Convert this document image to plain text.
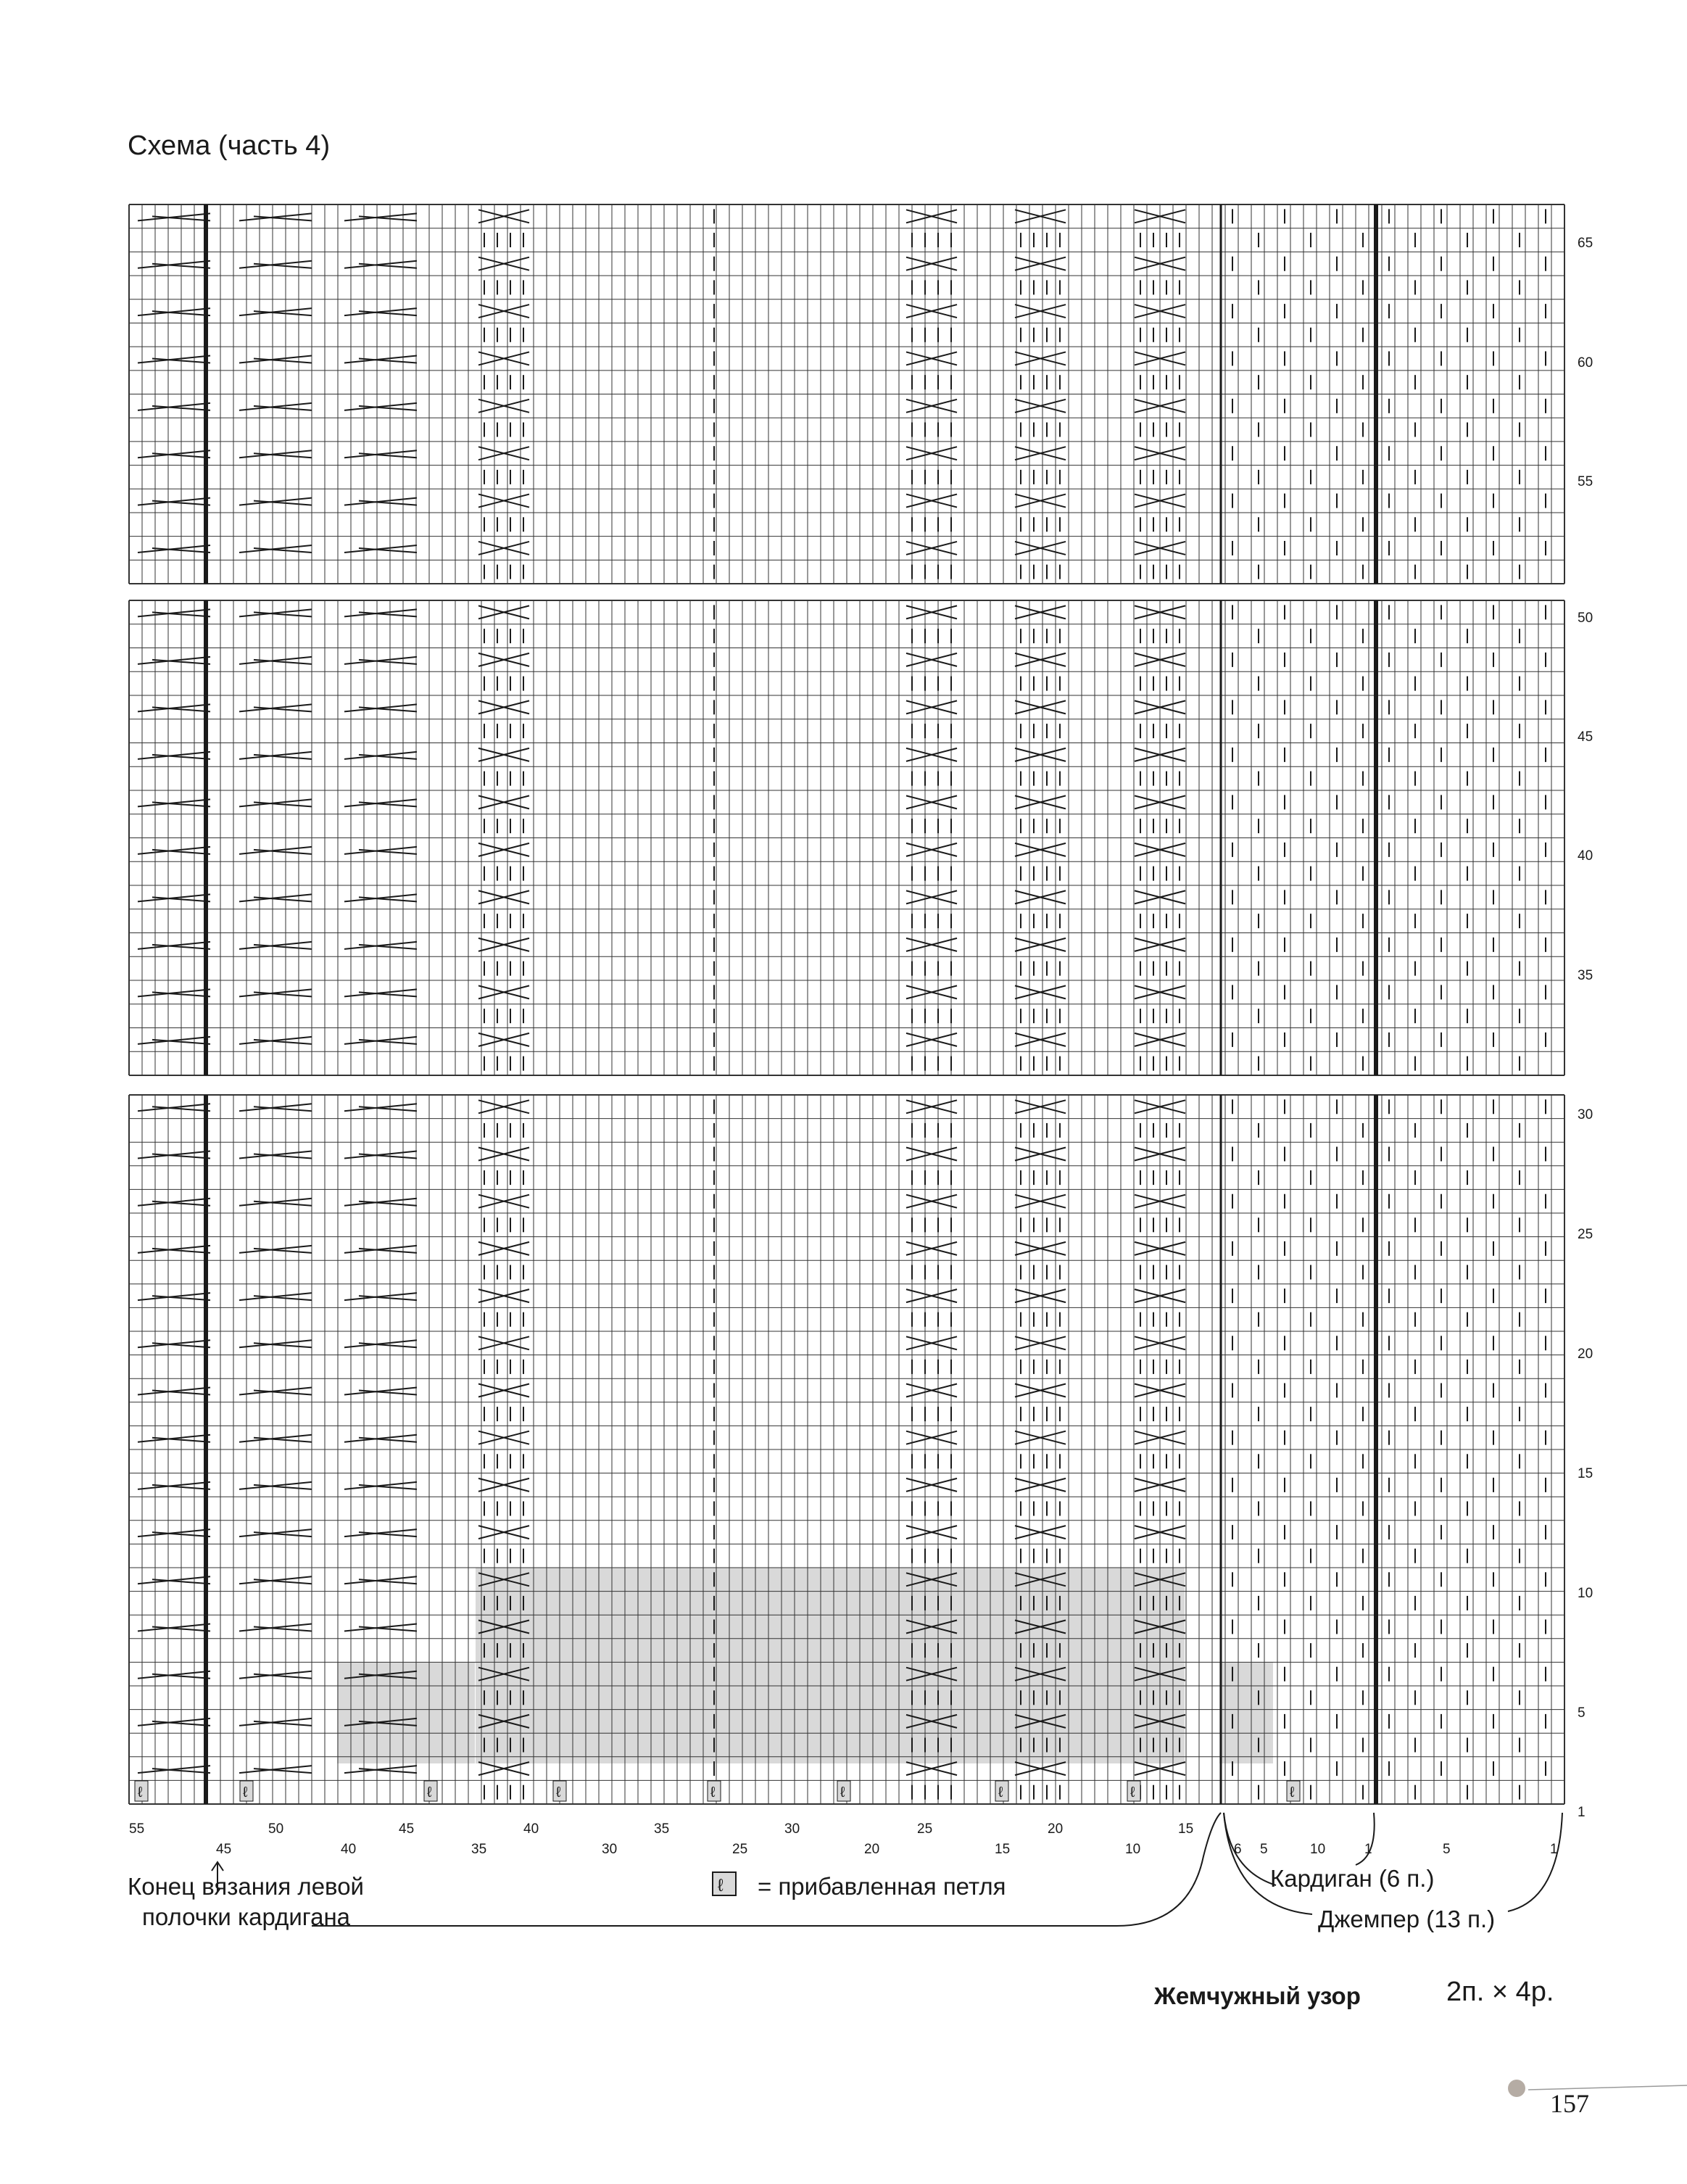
Схема (часть 4)
ℓ	ℓ	ℓ	ℓ	ℓ	ℓ	ℓ	ℓ	ℓ
65
60
55
50
45
40
35
30
25
20
15
10
5
1
55
45
50
40
45
35
40
30
35
25
30
20
25
15
20
10
15
6 5	10	1	5	1
ℓ
Конец вязания левой
полочки кардигана
= прибавленная петля	Кардиган (6 п.)
Джемпер (13 п.)
Жемчужный узор	2п. × 4р.
157
